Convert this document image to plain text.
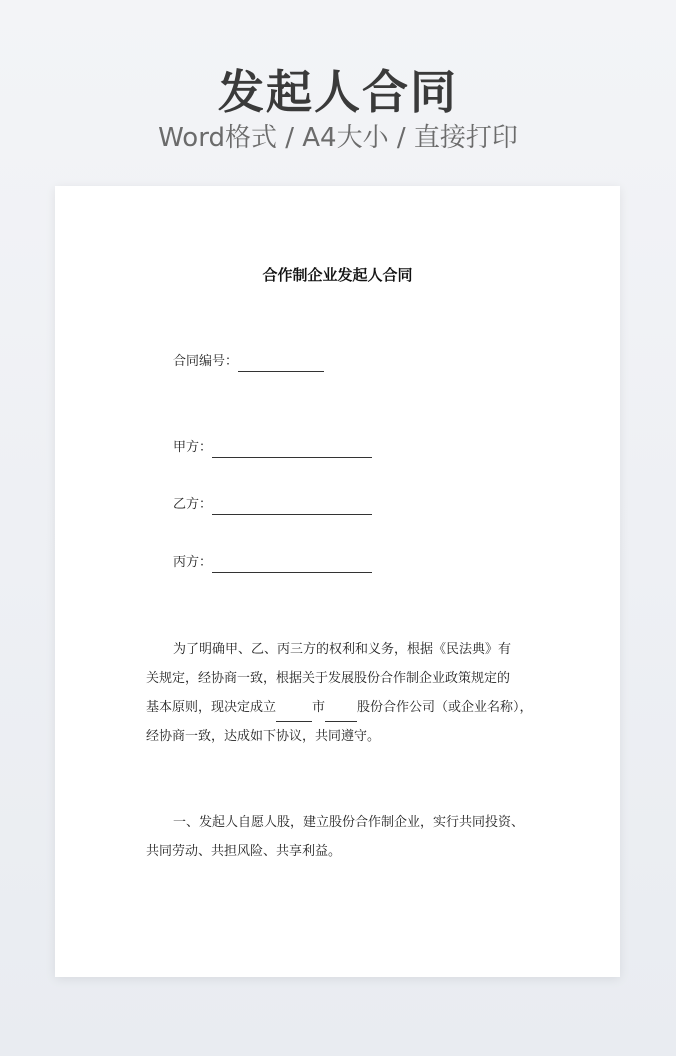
发起人合同
Word格式 / A4大小 / 直接打印
合作制企业发起人合同
合同编号：
甲方：
乙方：
丙方：
为了明确甲、乙、丙三方的权利和义务，根据《民法典》有
关规定，经协商一致，根据关于发展股份合作制企业政策规定的
基本原则，现决定成立	市 股份合作公司（或企业名称），
经协商一致，达成如下协议，共同遵守。
一、发起人自愿人股，建立股份合作制企业，实行共同投资、
共同劳动、共担风险、共享利益。
